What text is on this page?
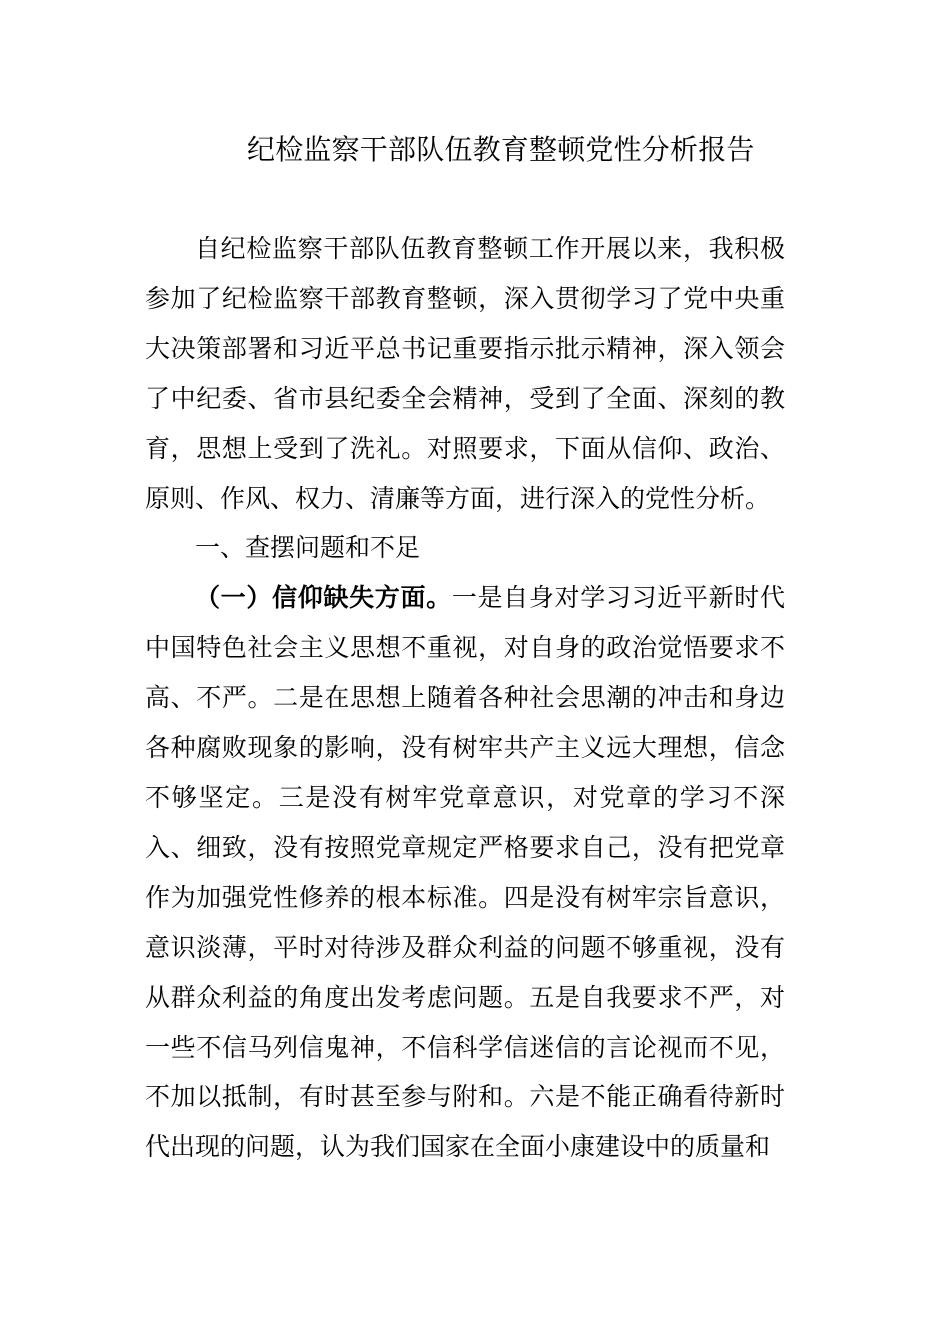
纪检监察干部队伍教育整顿党性分析报告

自纪检监察干部队伍教育整顿工作开展以来，我积极参加了纪检监察干部教育整顿，深入贯彻学习了党中央重大决策部署和习近平总书记重要指示批示精神，深入领会了中纪委、省市县纪委全会精神，受到了全面、深刻的教育，思想上受到了洗礼。对照要求，下面从信仰、政治、原则、作风、权力、清廉等方面，进行深入的党性分析。

一、查摆问题和不足

（一）信仰缺失方面。一是自身对学习习近平新时代中国特色社会主义思想不重视，对自身的政治觉悟要求不高、不严。二是在思想上随着各种社会思潮的冲击和身边各种腐败现象的影响，没有树牢共产主义远大理想，信念不够坚定。三是没有树牢党章意识，对党章的学习不深入、细致，没有按照党章规定严格要求自己，没有把党章作为加强党性修养的根本标准。四是没有树牢宗旨意识，意识淡薄，平时对待涉及群众利益的问题不够重视，没有从群众利益的角度出发考虑问题。五是自我要求不严，对一些不信马列信鬼神，不信科学信迷信的言论视而不见，不加以抵制，有时甚至参与附和。六是不能正确看待新时代出现的问题，认为我们国家在全面小康建设中的质量和
